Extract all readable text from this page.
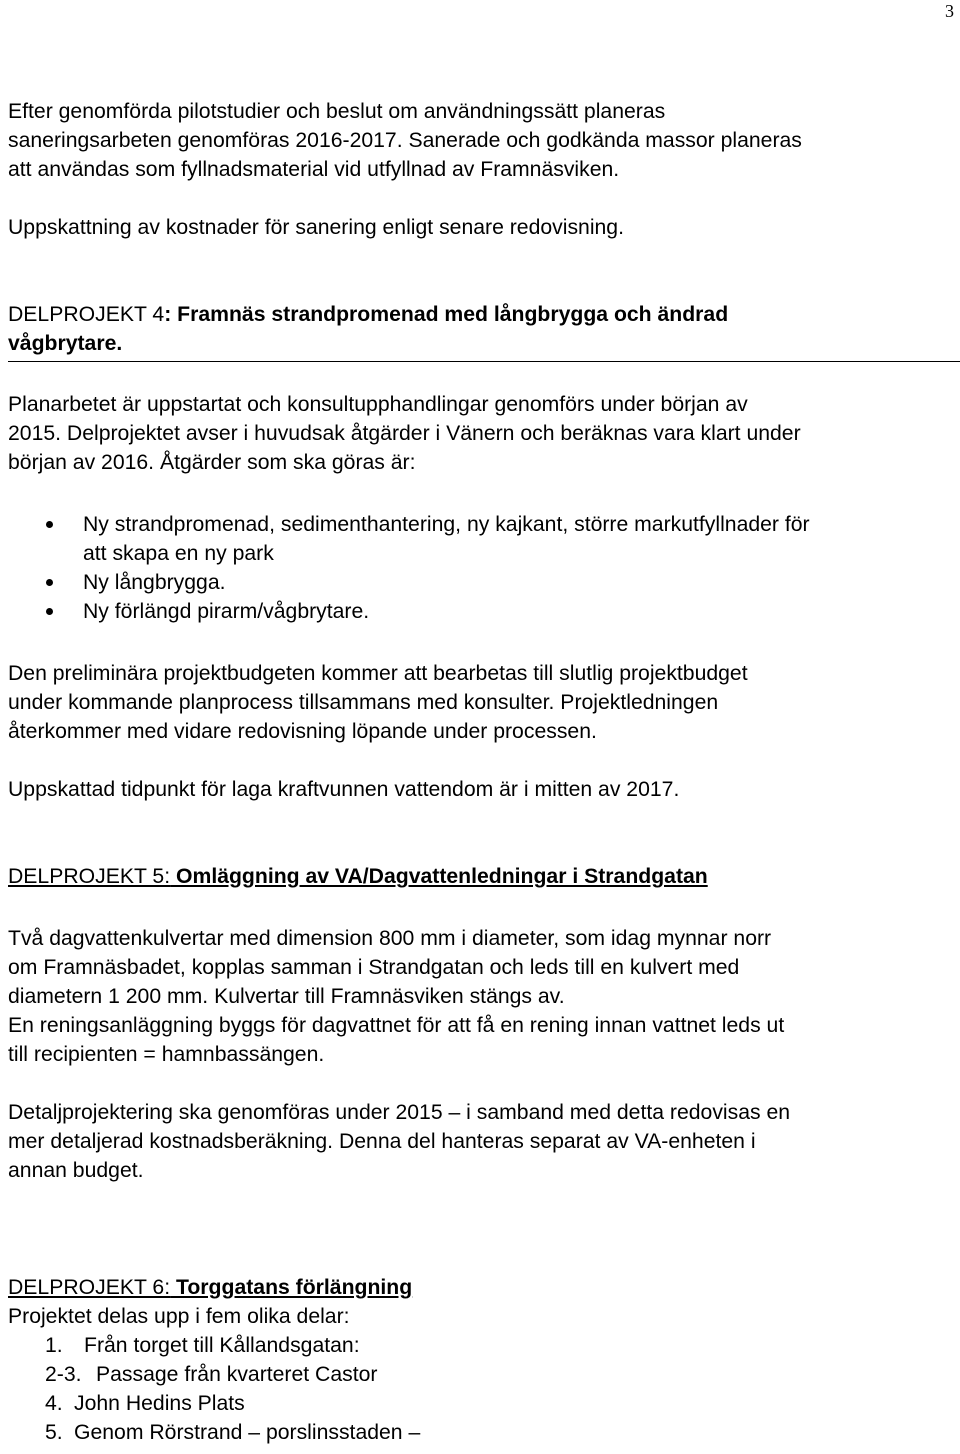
3
Efter genomförda pilotstudier och beslut om användningssätt planeras
saneringsarbeten genomföras 2016-2017. Sanerade och godkända massor planeras
att användas som fyllnadsmaterial vid utfyllnad av Framnäsviken.
Uppskattning av kostnader för sanering enligt senare redovisning.
DELPROJEKT 4: Framnäs strandpromenad med långbrygga och ändrad
vågbrytare.
Planarbetet är uppstartat och konsultupphandlingar genomförs under början av
2015. Delprojektet avser i huvudsak åtgärder i Vänern och beräknas vara klart under
början av 2016. Åtgärder som ska göras är:
Ny strandpromenad, sedimenthantering, ny kajkant, större markutfyllnader för
att skapa en ny park
Ny långbrygga.
Ny förlängd pirarm/vågbrytare.
Den preliminära projektbudgeten kommer att bearbetas till slutlig projektbudget
under kommande planprocess tillsammans med konsulter. Projektledningen
återkommer med vidare redovisning löpande under processen.
Uppskattad tidpunkt för laga kraftvunnen vattendom är i mitten av 2017.
DELPROJEKT 5: Omläggning av VA/Dagvattenledningar i Strandgatan
Två dagvattenkulvertar med dimension 800 mm i diameter, som idag mynnar norr
om Framnäsbadet, kopplas samman i Strandgatan och leds till en kulvert med
diametern 1 200 mm. Kulvertar till Framnäsviken stängs av.
En reningsanläggning byggs för dagvattnet för att få en rening innan vattnet leds ut
till recipienten = hamnbassängen.
Detaljprojektering ska genomföras under 2015 – i samband med detta redovisas en
mer detaljerad kostnadsberäkning. Denna del hanteras separat av VA-enheten i
annan budget.
DELPROJEKT 6: Torggatans förlängning
Projektet delas upp i fem olika delar:
1. Från torget till Kållandsgatan:
2-3. Passage från kvarteret Castor
4. John Hedins Plats
5. Genom Rörstrand – porslinsstaden –
